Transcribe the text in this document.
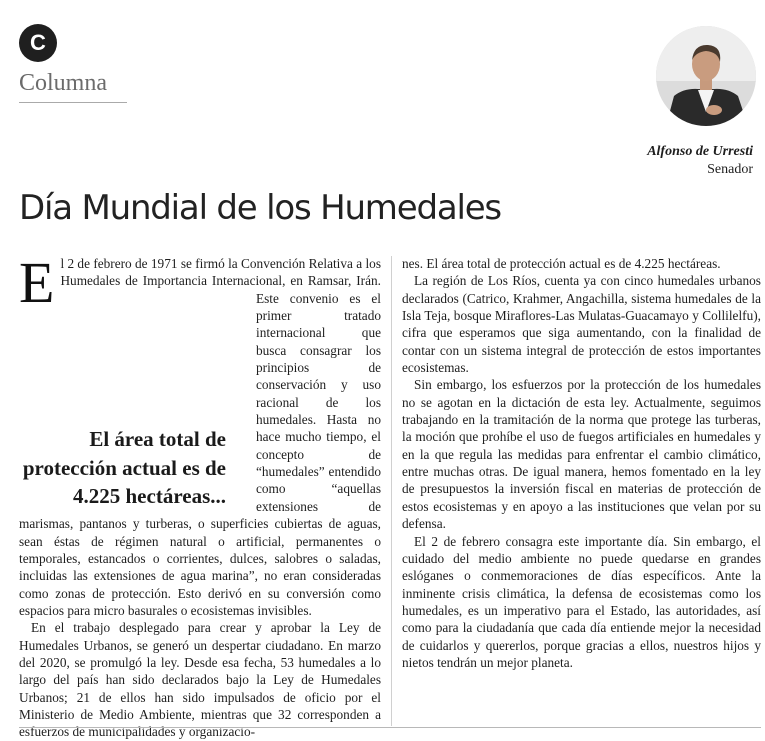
C
Columna
Alfonso de Urresti
Senador
Día Mundial de los Humedales
E l 2 de febrero de 1971 se firmó la Convención Relativa a los Humedales de Importancia Internacional, en Ramsar, Irán. Este convenio es el primer tratado internacional que busca consagrar los principios de conservación y uso racional de los humedales. Hasta no hace mucho tiempo, el concepto de “humedales” entendido como “aquellas extensiones de marismas, pantanos y turberas, o superficies cubiertas de aguas, sean éstas de régimen natural o artificial, permanentes o temporales, estancados o corrientes, dulces, salobres o saladas, incluidas las extensiones de agua marina”, no eran consideradas como zonas de protección. Esto derivó en su conversión como espacios para micro basurales o ecosistemas invisibles.

En el trabajo desplegado para crear y aprobar la Ley de Humedales Urbanos, se generó un despertar ciudadano. En marzo del 2020, se promulgó la ley. Desde esa fecha, 53 humedales a lo largo del país han sido declarados bajo la Ley de Humedales Urbanos; 21 de ellos han sido impulsados de oficio por el Ministerio de Medio Ambiente, mientras que 32 corresponden a esfuerzos de municipalidades y organizacio-

El área total de protección actual es de 4.225 hectáreas...

nes. El área total de protección actual es de 4.225 hectáreas.

La región de Los Ríos, cuenta ya con cinco humedales urbanos declarados (Catrico, Krahmer, Angachilla, sistema humedales de la Isla Teja, bosque Miraflores-Las Mulatas-Guacamayo y Collilelfu), cifra que esperamos que siga aumentando, con la finalidad de contar con un sistema integral de protección de estos importantes ecosistemas.

Sin embargo, los esfuerzos por la protección de los humedales no se agotan en la dictación de esta ley. Actualmente, seguimos trabajando en la tramitación de la norma que protege las turberas, la moción que prohíbe el uso de fuegos artificiales en humedales y en la que regula las medidas para enfrentar el cambio climático, entre muchas otras. De igual manera, hemos fomentado en la ley de presupuestos la inversión fiscal en materias de protección de estos ecosistemas y en apoyo a las instituciones que velan por su defensa.

El 2 de febrero consagra este importante día. Sin embargo, el cuidado del medio ambiente no puede quedarse en grandes eslóganes o conmemoraciones de días específicos. Ante la inminente crisis climática, la defensa de ecosistemas como los humedales, es un imperativo para el Estado, las autoridades, así como para la ciudadanía que cada día entiende mejor la necesidad de cuidarlos y quererlos, porque gracias a ellos, nuestros hijos y nietos tendrán un mejor planeta.
